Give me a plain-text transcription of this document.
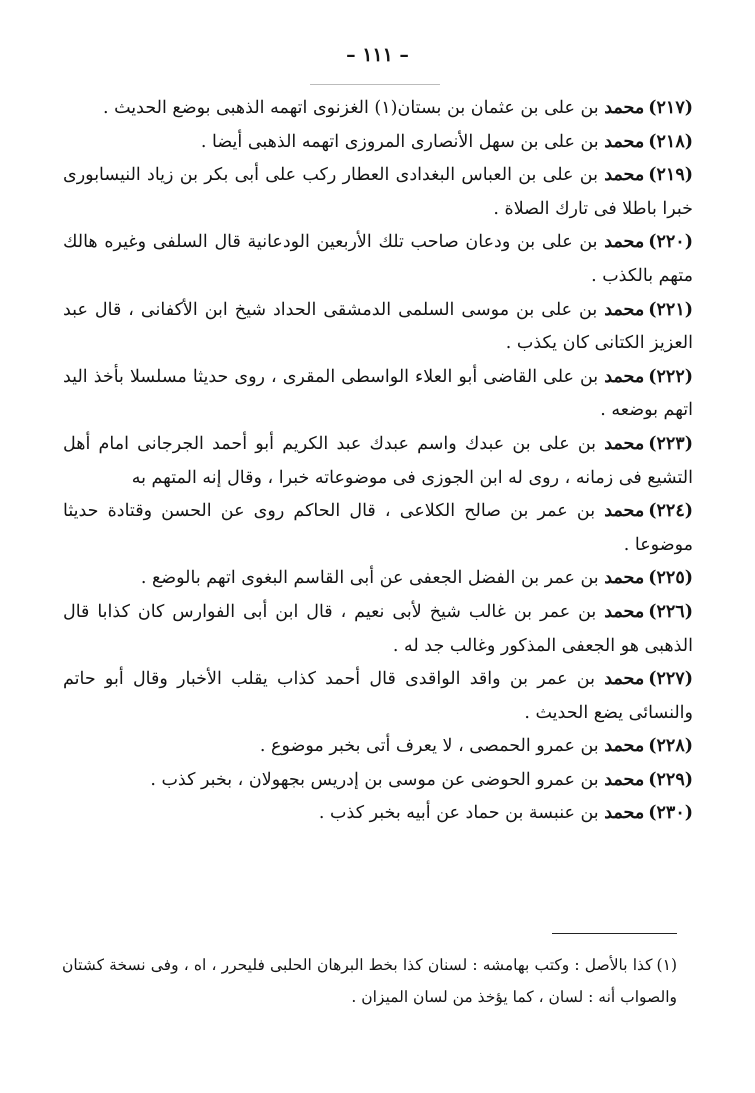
– ١١١ –

(٢١٧)محمد بن على بن عثمان بن بستان(١) الغزنوى اتهمه الذهبى بوضع الحديث .

(٢١٨)محمد بن على بن سهل الأنصارى المروزى اتهمه الذهبى أيضا .

(٢١٩)محمد بن على بن العباس البغدادى العطار ركب على أبى بكر بن زياد النيسابورى خبرا باطلا فى تارك الصلاة .

(٢٢٠)محمد بن على بن ودعان صاحب تلك الأربعين الودعانية قال السلفى وغيره هالك متهم بالكذب .

(٢٢١)محمد بن على بن موسى السلمى الدمشقى الحداد شيخ ابن الأكفانى ، قال عبد العزيز الكتانى كان يكذب .

(٢٢٢)محمد بن على القاضى أبو العلاء الواسطى المقرى ، روى حديثا مسلسلا بأخذ اليد اتهم بوضعه .

(٢٢٣)محمد بن على بن عبدك واسم عبدك عبد الكريم أبو أحمد الجرجانى امام أهل التشيع فى زمانه ، روى له ابن الجوزى فى موضوعاته خبرا ، وقال إنه المتهم به

(٢٢٤)محمد بن عمر بن صالح الكلاعى ، قال الحاكم روى عن الحسن وقتادة حديثا موضوعا .

(٢٢٥)محمد بن عمر بن الفضل الجعفى عن أبى القاسم البغوى اتهم بالوضع .

(٢٢٦)محمد بن عمر بن غالب شيخ لأبى نعيم ، قال ابن أبى الفوارس كان كذابا قال الذهبى هو الجعفى المذكور وغالب جد له .

(٢٢٧)محمد بن عمر بن واقد الواقدى قال أحمد كذاب يقلب الأخبار وقال أبو حاتم والنسائى يضع الحديث .

(٢٢٨)محمد بن عمرو الحمصى ، لا يعرف أتى بخبر موضوع .

(٢٢٩)محمد بن عمرو الحوضى عن موسى بن إدريس بجهولان ، بخبر كذب .

(٢٣٠)محمد بن عنبسة بن حماد عن أبيه بخبر كذب .

(١)كذا بالأصل : وكتب بهامشه : لسنان كذا بخط البرهان الحلبى فليحرر ، اه ، وفى نسخة كشتان والصواب أنه : لسان ، كما يؤخذ من لسان الميزان .
